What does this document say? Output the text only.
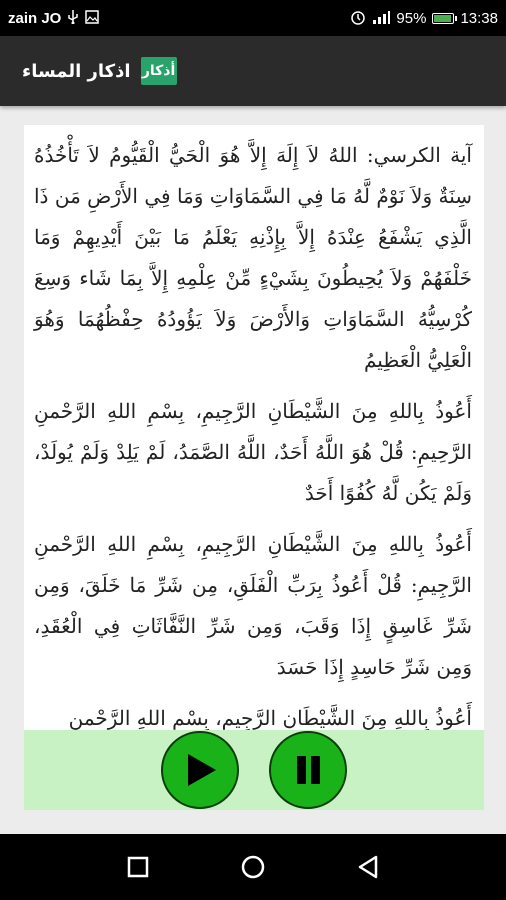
zain JO	95% 13:38
اذكار المساء أذكار

آية الكرسي: اللهُ لاَ إِلَهَ إِلاَّ هُوَ الْحَيُّ الْقَيُّومُ لاَ تَأْخُذُهُ سِنَةٌ وَلاَ نَوْمٌ لَّهُ مَا فِي السَّمَاوَاتِ وَمَا فِي الأَرْضِ مَن ذَا الَّذِي يَشْفَعُ عِنْدَهُ إِلاَّ بِإِذْنِهِ يَعْلَمُ مَا بَيْنَ أَيْدِيهِمْ وَمَا خَلْفَهُمْ وَلاَ يُحِيطُونَ بِشَيْءٍ مِّنْ عِلْمِهِ إِلاَّ بِمَا شَاء وَسِعَ كُرْسِيُّهُ السَّمَاوَاتِ وَالأَرْضَ وَلاَ يَؤُودُهُ حِفْظُهُمَا وَهُوَ الْعَلِيُّ الْعَظِيمُ

أَعُوذُ بِاللهِ مِنَ الشَّيْطَانِ الرَّجِيمِ، بِسْمِ اللهِ الرَّحْمنِ الرَّحِيمِ: قُلْ هُوَ اللَّهُ أَحَدٌ، اللَّهُ الصَّمَدُ، لَمْ يَلِدْ وَلَمْ يُولَدْ، وَلَمْ يَكُن لَّهُ كُفُوًا أَحَدٌ

أَعُوذُ بِاللهِ مِنَ الشَّيْطَانِ الرَّجِيمِ، بِسْمِ اللهِ الرَّحْمنِ الرَّجِيمِ: قُلْ أَعُوذُ بِرَبِّ الْفَلَقِ، مِن شَرِّ مَا خَلَقَ، وَمِن شَرِّ غَاسِقٍ إِذَا وَقَبَ، وَمِن شَرِّ النَّفَّاثَاتِ فِي الْعُقَدِ، وَمِن شَرِّ حَاسِدٍ إِذَا حَسَدَ

أَعُوذُ بِاللهِ مِنَ الشَّيْطَانِ الرَّجِيمِ، بِسْمِ اللهِ الرَّحْمنِ
